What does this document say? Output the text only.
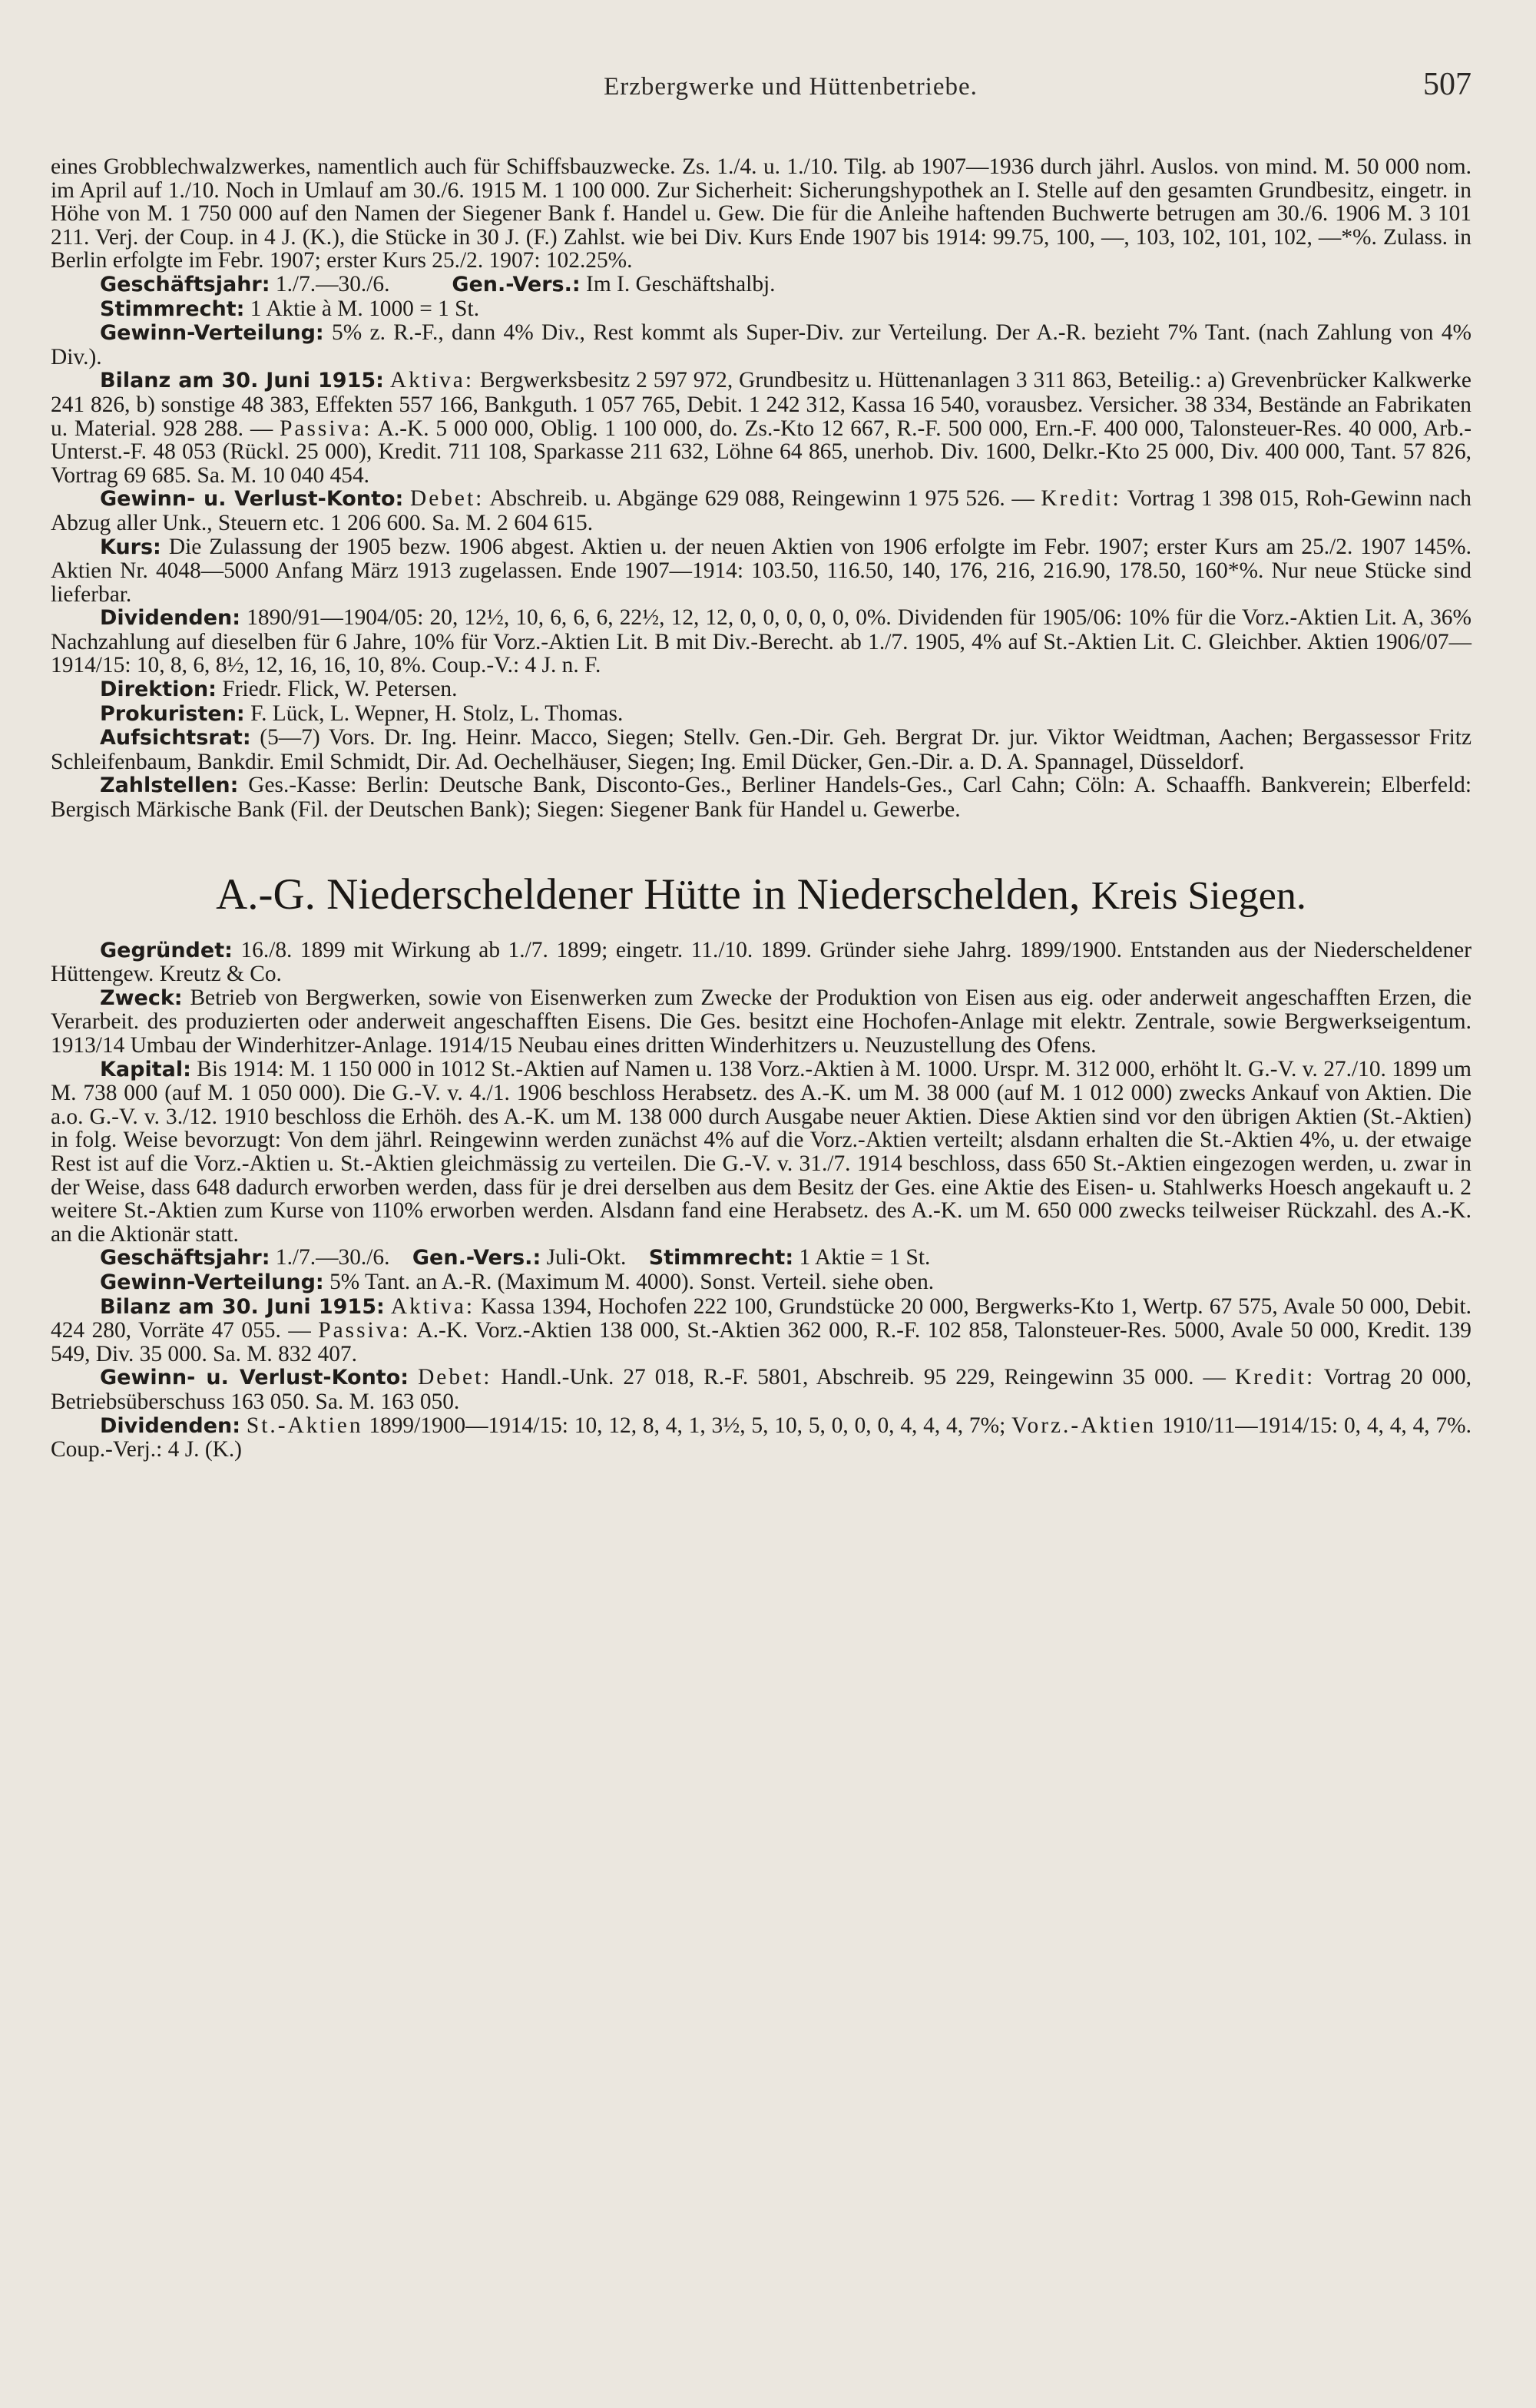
Erzbergwerke und Hüttenbetriebe.	507

eines Grobblechwalzwerkes, namentlich auch für Schiffsbauzwecke. Zs. 1./4. u. 1./10. Tilg. ab 1907—1936 durch jährl. Auslos. von mind. M. 50 000 nom. im April auf 1./10. Noch in Umlauf am 30./6. 1915 M. 1 100 000. Zur Sicherheit: Sicherungshypothek an I. Stelle auf den gesamten Grundbesitz, eingetr. in Höhe von M. 1 750 000 auf den Namen der Siegener Bank f. Handel u. Gew. Die für die Anleihe haftenden Buchwerte betrugen am 30./6. 1906 M. 3 101 211. Verj. der Coup. in 4 J. (K.), die Stücke in 30 J. (F.) Zahlst. wie bei Div. Kurs Ende 1907 bis 1914: 99.75, 100, —, 103, 102, 101, 102, —*%. Zulass. in Berlin erfolgte im Febr. 1907; erster Kurs 25./2. 1907: 102.25%.

Geschäftsjahr: 1./7.—30./6.	Gen.-Vers.: Im I. Geschäftshalbj.

Stimmrecht: 1 Aktie à M. 1000 = 1 St.

Gewinn-Verteilung: 5% z. R.-F., dann 4% Div., Rest kommt als Super-Div. zur Verteilung. Der A.-R. bezieht 7% Tant. (nach Zahlung von 4% Div.).

Bilanz am 30. Juni 1915: Aktiva: Bergwerksbesitz 2 597 972, Grundbesitz u. Hüttenanlagen 3 311 863, Beteilig.: a) Grevenbrücker Kalkwerke 241 826, b) sonstige 48 383, Effekten 557 166, Bankguth. 1 057 765, Debit. 1 242 312, Kassa 16 540, vorausbez. Versicher. 38 334, Bestände an Fabrikaten u. Material. 928 288. — Passiva: A.-K. 5 000 000, Oblig. 1 100 000, do. Zs.-Kto 12 667, R.-F. 500 000, Ern.-F. 400 000, Talonsteuer-Res. 40 000, Arb.-Unterst.-F. 48 053 (Rückl. 25 000), Kredit. 711 108, Sparkasse 211 632, Löhne 64 865, unerhob. Div. 1600, Delkr.-Kto 25 000, Div. 400 000, Tant. 57 826, Vortrag 69 685. Sa. M. 10 040 454.

Gewinn- u. Verlust-Konto: Debet: Abschreib. u. Abgänge 629 088, Reingewinn 1 975 526. — Kredit: Vortrag 1 398 015, Roh-Gewinn nach Abzug aller Unk., Steuern etc. 1 206 600. Sa. M. 2 604 615.

Kurs: Die Zulassung der 1905 bezw. 1906 abgest. Aktien u. der neuen Aktien von 1906 erfolgte im Febr. 1907; erster Kurs am 25./2. 1907 145%. Aktien Nr. 4048—5000 Anfang März 1913 zugelassen. Ende 1907—1914: 103.50, 116.50, 140, 176, 216, 216.90, 178.50, 160*%. Nur neue Stücke sind lieferbar.

Dividenden: 1890/91—1904/05: 20, 12½, 10, 6, 6, 6, 22½, 12, 12, 0, 0, 0, 0, 0, 0%. Dividenden für 1905/06: 10% für die Vorz.-Aktien Lit. A, 36% Nachzahlung auf dieselben für 6 Jahre, 10% für Vorz.-Aktien Lit. B mit Div.-Berecht. ab 1./7. 1905, 4% auf St.-Aktien Lit. C. Gleichber. Aktien 1906/07—1914/15: 10, 8, 6, 8½, 12, 16, 16, 10, 8%. Coup.-V.: 4 J. n. F.

Direktion: Friedr. Flick, W. Petersen.

Prokuristen: F. Lück, L. Wepner, H. Stolz, L. Thomas.

Aufsichtsrat: (5—7) Vors. Dr. Ing. Heinr. Macco, Siegen; Stellv. Gen.-Dir. Geh. Bergrat Dr. jur. Viktor Weidtman, Aachen; Bergassessor Fritz Schleifenbaum, Bankdir. Emil Schmidt, Dir. Ad. Oechelhäuser, Siegen; Ing. Emil Dücker, Gen.-Dir. a. D. A. Spannagel, Düsseldorf.

Zahlstellen: Ges.-Kasse: Berlin: Deutsche Bank, Disconto-Ges., Berliner Handels-Ges., Carl Cahn; Cöln: A. Schaaffh. Bankverein; Elberfeld: Bergisch Märkische Bank (Fil. der Deutschen Bank); Siegen: Siegener Bank für Handel u. Gewerbe.

A.-G. Niederscheldener Hütte in Niederschelden, Kreis Siegen.

Gegründet: 16./8. 1899 mit Wirkung ab 1./7. 1899; eingetr. 11./10. 1899. Gründer siehe Jahrg. 1899/1900. Entstanden aus der Niederscheldener Hüttengew. Kreutz & Co.

Zweck: Betrieb von Bergwerken, sowie von Eisenwerken zum Zwecke der Produktion von Eisen aus eig. oder anderweit angeschafften Erzen, die Verarbeit. des produzierten oder anderweit angeschafften Eisens. Die Ges. besitzt eine Hochofen-Anlage mit elektr. Zentrale, sowie Bergwerkseigentum. 1913/14 Umbau der Winderhitzer-Anlage. 1914/15 Neubau eines dritten Winderhitzers u. Neuzustellung des Ofens.

Kapital: Bis 1914: M. 1 150 000 in 1012 St.-Aktien auf Namen u. 138 Vorz.-Aktien à M. 1000. Urspr. M. 312 000, erhöht lt. G.-V. v. 27./10. 1899 um M. 738 000 (auf M. 1 050 000). Die G.-V. v. 4./1. 1906 beschloss Herabsetz. des A.-K. um M. 38 000 (auf M. 1 012 000) zwecks Ankauf von Aktien. Die a.o. G.-V. v. 3./12. 1910 beschloss die Erhöh. des A.-K. um M. 138 000 durch Ausgabe neuer Aktien. Diese Aktien sind vor den übrigen Aktien (St.-Aktien) in folg. Weise bevorzugt: Von dem jährl. Reingewinn werden zunächst 4% auf die Vorz.-Aktien verteilt; alsdann erhalten die St.-Aktien 4%, u. der etwaige Rest ist auf die Vorz.-Aktien u. St.-Aktien gleichmässig zu verteilen. Die G.-V. v. 31./7. 1914 beschloss, dass 650 St.-Aktien eingezogen werden, u. zwar in der Weise, dass 648 dadurch erworben werden, dass für je drei derselben aus dem Besitz der Ges. eine Aktie des Eisen- u. Stahlwerks Hoesch angekauft u. 2 weitere St.-Aktien zum Kurse von 110% erworben werden. Alsdann fand eine Herabsetz. des A.-K. um M. 650 000 zwecks teilweiser Rückzahl. des A.-K. an die Aktionär statt.

Geschäftsjahr: 1./7.—30./6. Gen.-Vers.: Juli-Okt. Stimmrecht: 1 Aktie = 1 St.

Gewinn-Verteilung: 5% Tant. an A.-R. (Maximum M. 4000). Sonst. Verteil. siehe oben.

Bilanz am 30. Juni 1915: Aktiva: Kassa 1394, Hochofen 222 100, Grundstücke 20 000, Bergwerks-Kto 1, Wertp. 67 575, Avale 50 000, Debit. 424 280, Vorräte 47 055. — Passiva: A.-K. Vorz.-Aktien 138 000, St.-Aktien 362 000, R.-F. 102 858, Talonsteuer-Res. 5000, Avale 50 000, Kredit. 139 549, Div. 35 000. Sa. M. 832 407.

Gewinn- u. Verlust-Konto: Debet: Handl.-Unk. 27 018, R.-F. 5801, Abschreib. 95 229, Reingewinn 35 000. — Kredit: Vortrag 20 000, Betriebsüberschuss 163 050. Sa. M. 163 050.

Dividenden: St.-Aktien 1899/1900—1914/15: 10, 12, 8, 4, 1, 3½, 5, 10, 5, 0, 0, 0, 4, 4, 4, 7%; Vorz.-Aktien 1910/11—1914/15: 0, 4, 4, 4, 7%. Coup.-Verj.: 4 J. (K.)
